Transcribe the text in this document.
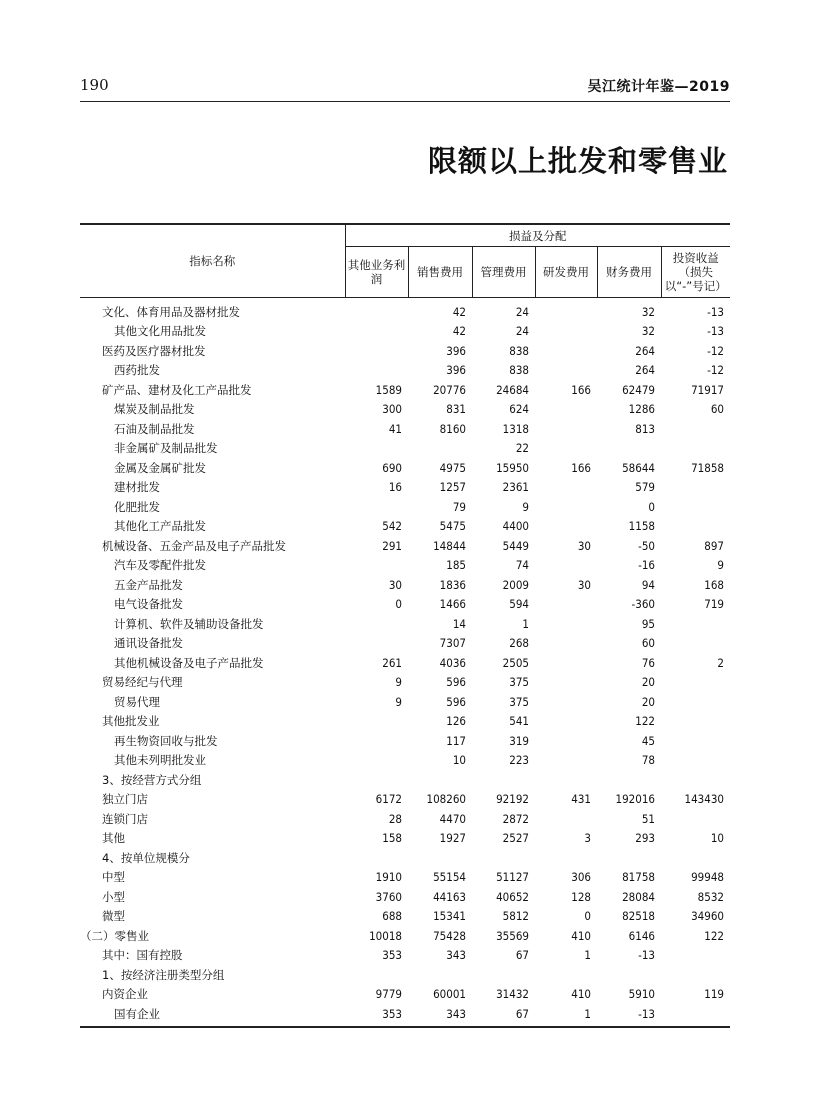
190	吴江统计年鉴—2019
限额以上批发和零售业
指标名称	损益及分配					
	其他业务利润	销售费用	管理费用	研发费用	财务费用	投资收益（损失以“-”号记）
文化、体育用品及器材批发		42	24		32	-13
其他文化用品批发		42	24		32	-13
医药及医疗器材批发		396	838		264	-12
西药批发		396	838		264	-12
矿产品、建材及化工产品批发	1589	20776	24684	166	62479	71917
煤炭及制品批发	300	831	624		1286	60
石油及制品批发	41	8160	1318		813	
非金属矿及制品批发			22			
金属及金属矿批发	690	4975	15950	166	58644	71858
建材批发	16	1257	2361		579	
化肥批发		79	9		0	
其他化工产品批发	542	5475	4400		1158	
机械设备、五金产品及电子产品批发	291	14844	5449	30	-50	897
汽车及零配件批发		185	74		-16	9
五金产品批发	30	1836	2009	30	94	168
电气设备批发	0	1466	594		-360	719
计算机、软件及辅助设备批发		14	1		95	
通讯设备批发		7307	268		60	
其他机械设备及电子产品批发	261	4036	2505		76	2
贸易经纪与代理	9	596	375		20	
贸易代理	9	596	375		20	
其他批发业		126	541		122	
再生物资回收与批发		117	319		45	
其他未列明批发业		10	223		78	
3、按经营方式分组						
独立门店	6172	108260	92192	431	192016	143430
连锁门店	28	4470	2872		51	
其他	158	1927	2527	3	293	10
4、按单位规模分						
中型	1910	55154	51127	306	81758	99948
小型	3760	44163	40652	128	28084	8532
微型	688	15341	5812	0	82518	34960
（二）零售业	10018	75428	35569	410	6146	122
其中：国有控股	353	343	67	1	-13	
1、按经济注册类型分组						
内资企业	9779	60001	31432	410	5910	119
国有企业	353	343	67	1	-13	
